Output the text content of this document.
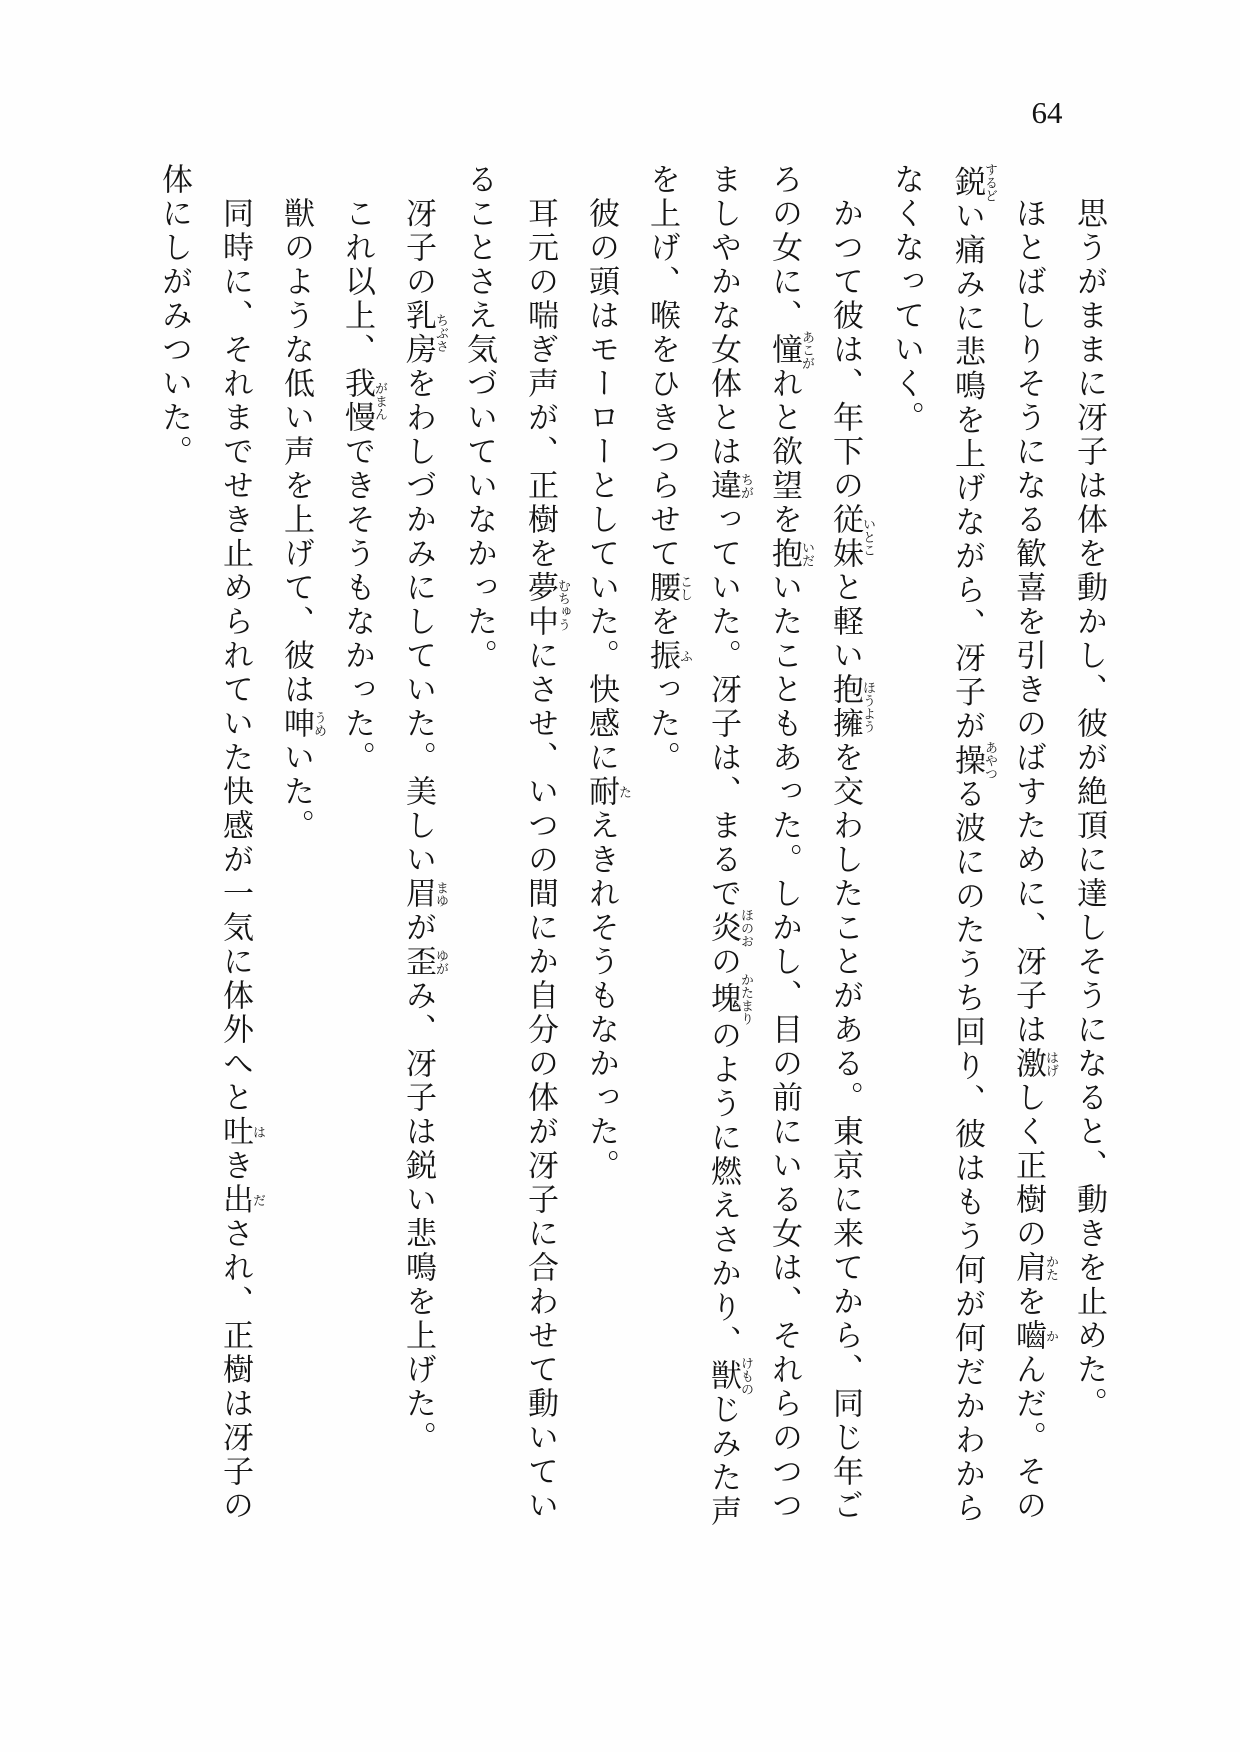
64
思うがままに冴子は体を動かし、彼が絶頂に達しそうになると、動きを止めた。
ほとばしりそうになる歓喜を引きのばすために、冴子は激はげしく正樹の肩かたを嚙かんだ。その
鋭するどい痛みに悲鳴を上げながら、冴子が操あやつる波にのたうち回り、彼はもう何が何だかわから
なくなっていく。
かつて彼は、年下の従妹いとこと軽い抱擁ほうようを交わしたことがある。東京に来てから、同じ年ご
ろの女に、憧あこがれと欲望を抱いだいたこともあった。しかし、目の前にいる女は、それらのつつ
ましやかな女体とは違ちがっていた。冴子は、まるで炎ほのおの塊かたまりのように燃えさかり、獣けものじみた声
を上げ、喉をひきつらせて腰こしを振ふった。
彼の頭はモーローとしていた。快感に耐たえきれそうもなかった。
耳元の喘ぎ声が、正樹を夢中むちゅうにさせ、いつの間にか自分の体が冴子に合わせて動いてい
ることさえ気づいていなかった。
冴子の乳房ちぶさをわしづかみにしていた。美しい眉まゆが歪ゆがみ、冴子は鋭い悲鳴を上げた。
これ以上、我慢がまんできそうもなかった。
獣のような低い声を上げて、彼は呻うめいた。
同時に、それまでせき止められていた快感が一気に体外へと吐はき出だされ、正樹は冴子の
体にしがみついた。
